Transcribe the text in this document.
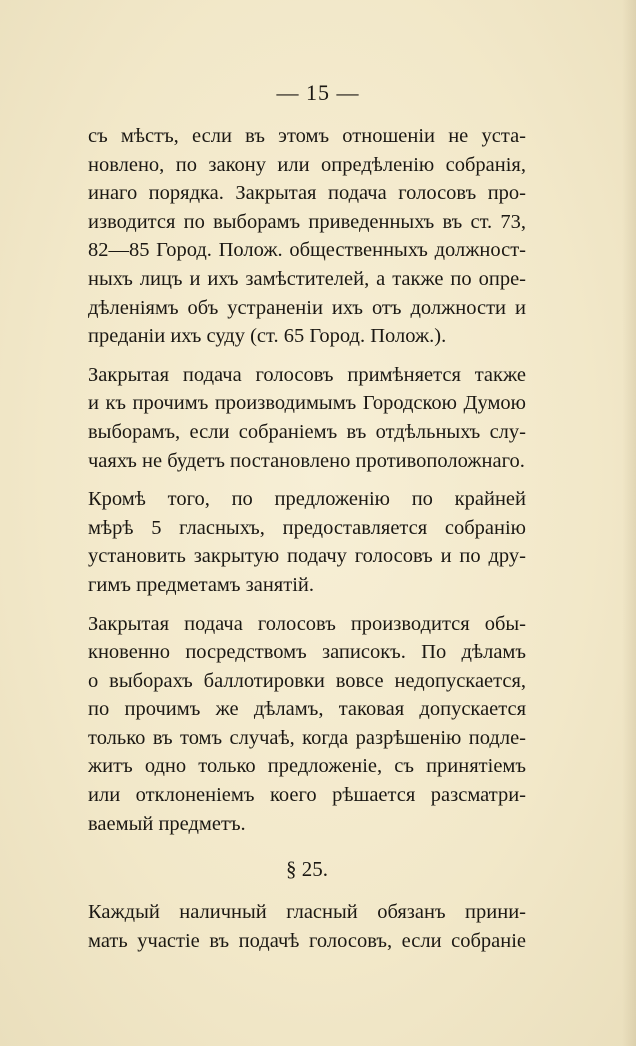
— 15 —

съ мѣстъ, если въ этомъ отношеніи не уста-
новлено, по закону или опредѣленію собранія,
инаго порядка. Закрытая подача голосовъ про-
изводится по выборамъ приведенныхъ въ ст. 73,
82—85 Город. Полож. общественныхъ должност-
ныхъ лицъ и ихъ замѣстителей, а также по опре-
дѣленіямъ объ устраненіи ихъ отъ должности и
преданіи ихъ суду (ст. 65 Город. Полож.).

Закрытая подача голосовъ примѣняется также
и къ прочимъ производимымъ Городскою Думою
выборамъ, если собраніемъ въ отдѣльныхъ слу-
чаяхъ не будетъ постановлено противоположнаго.

Кромѣ того, по предложенію по крайней
мѣрѣ 5 гласныхъ, предоставляется собранію
установить закрытую подачу голосовъ и по дру-
гимъ предметамъ занятій.

Закрытая подача голосовъ производится обы-
кновенно посредствомъ записокъ. По дѣламъ
о выборахъ баллотировки вовсе недопускается,
по прочимъ же дѣламъ, таковая допускается
только въ томъ случаѣ, когда разрѣшенію подле-
житъ одно только предложеніе, съ принятіемъ
или отклоненіемъ коего рѣшается разсматри-
ваемый предметъ.

§ 25.

Каждый наличный гласный обязанъ прини-
мать участіе въ подачѣ голосовъ, если собраніе
